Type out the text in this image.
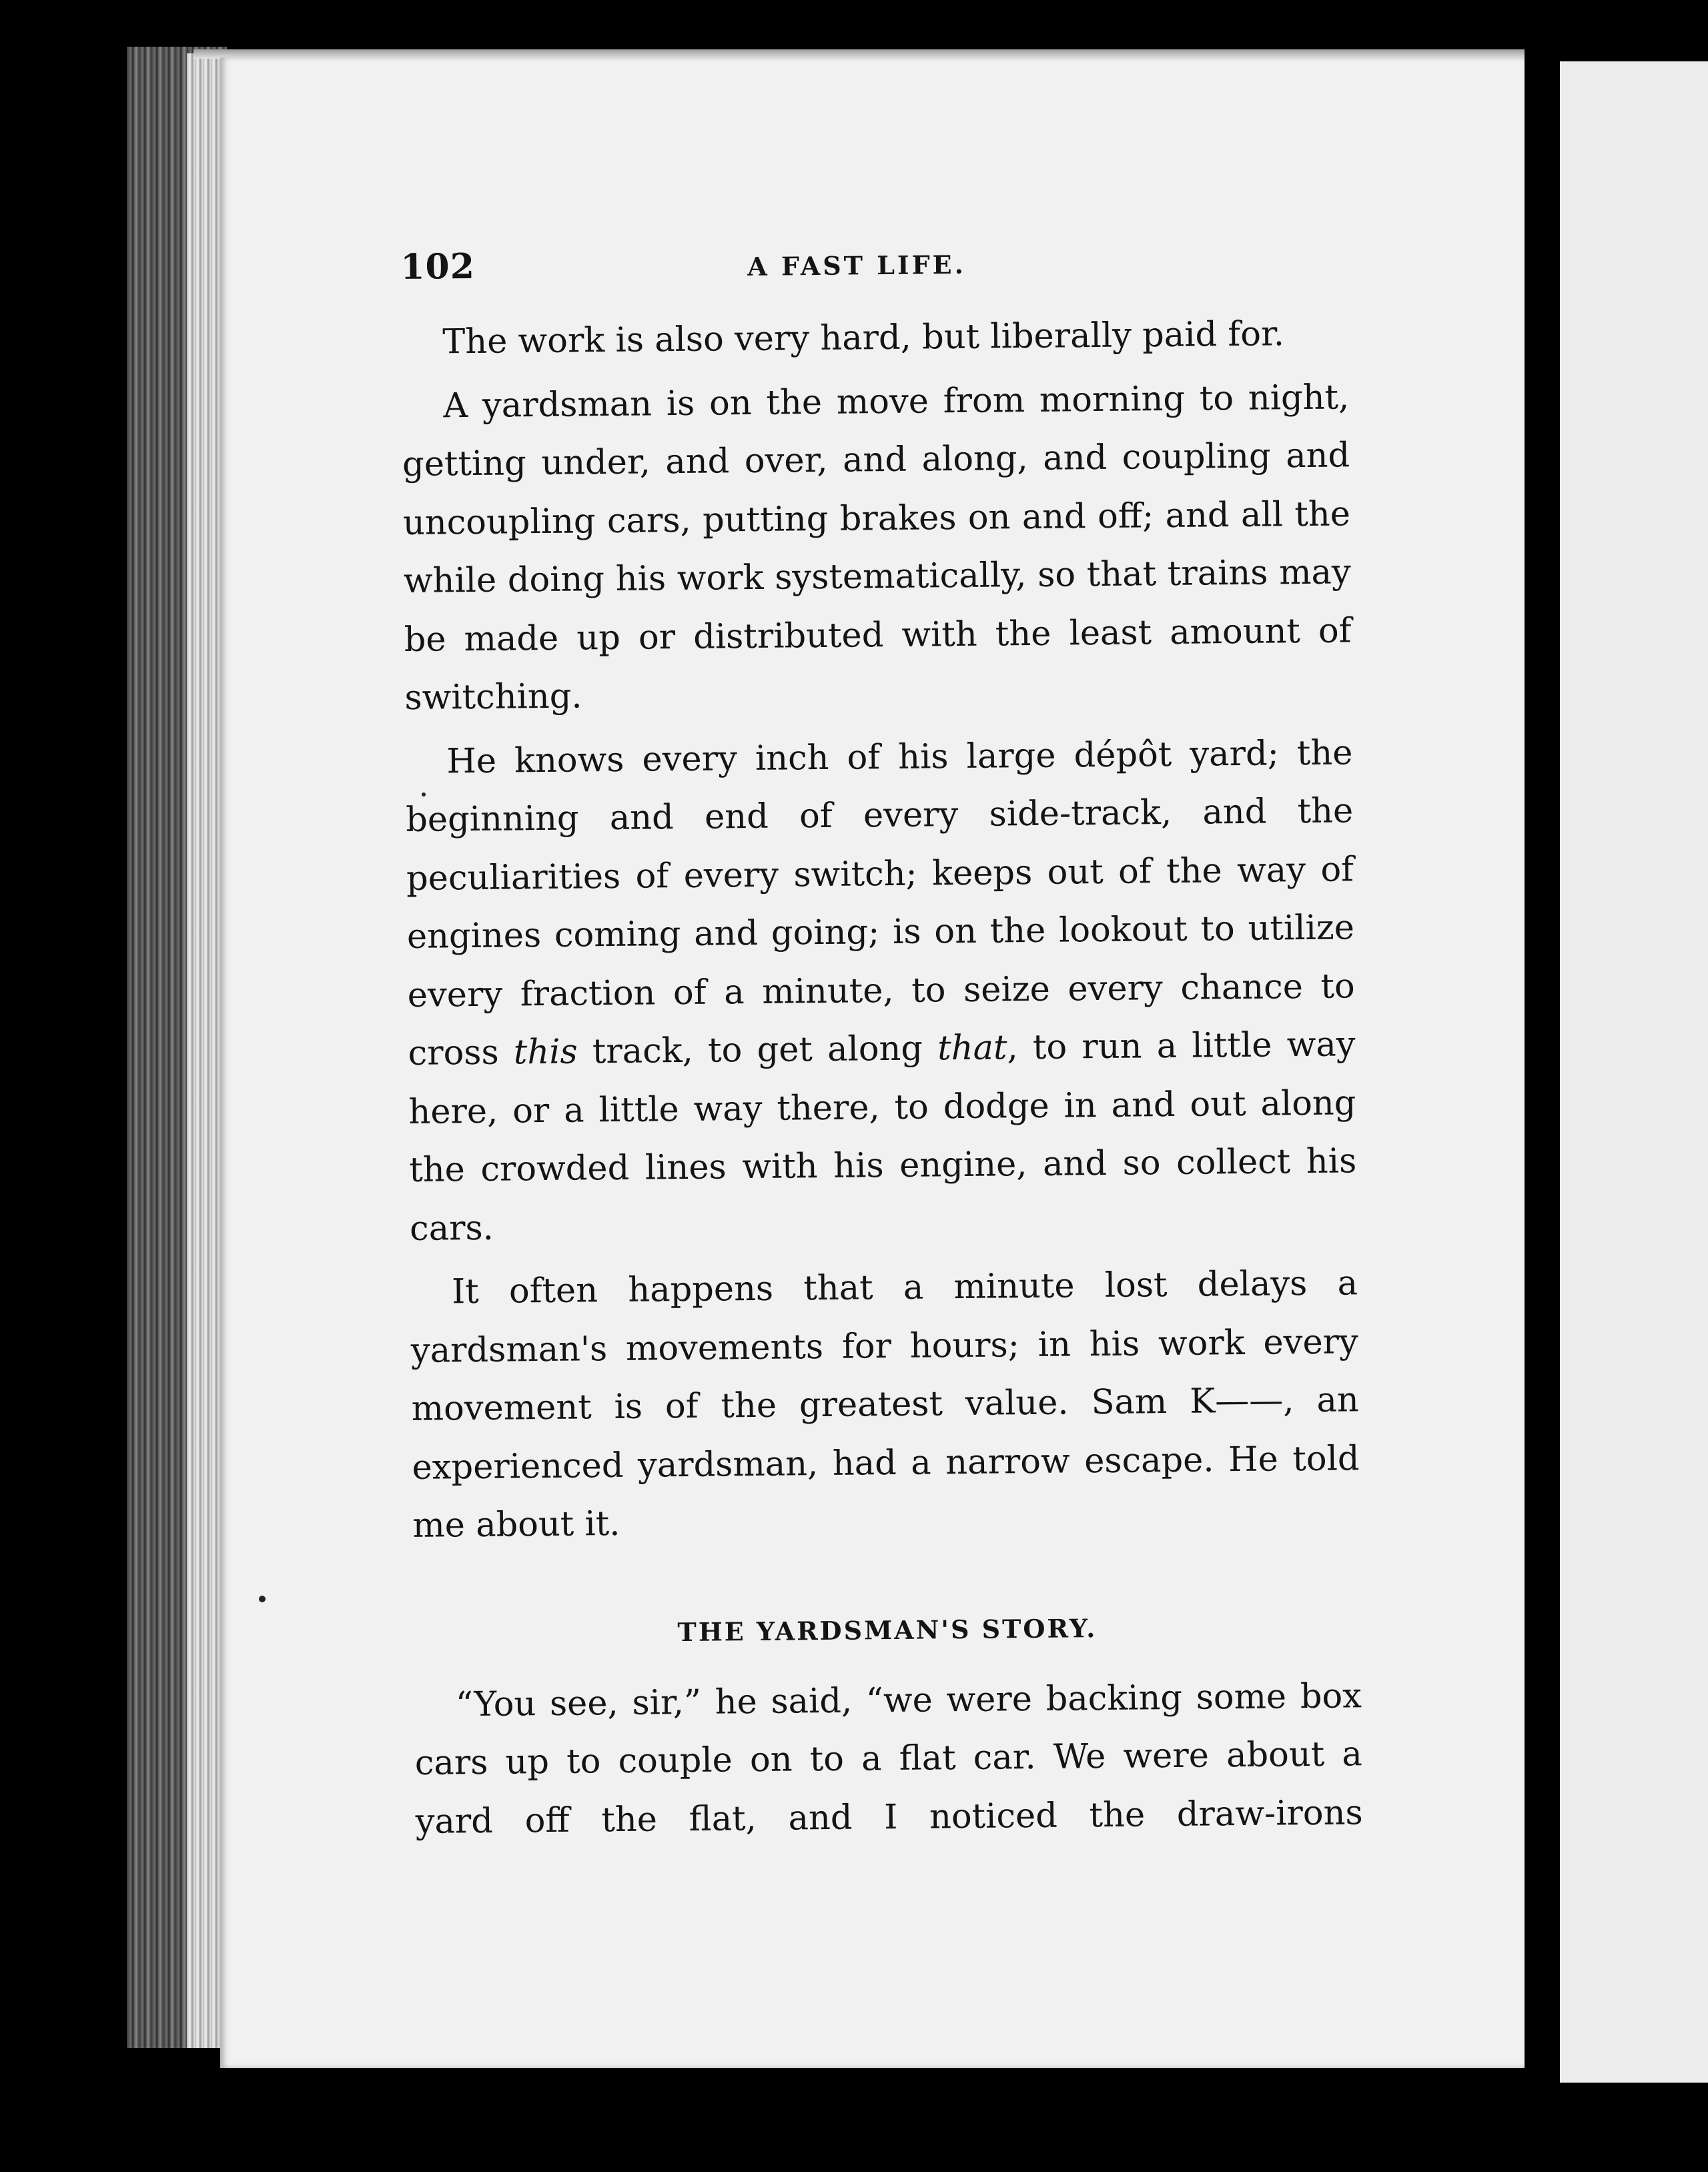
102	A FAST LIFE.

The work is also very hard, but liberally paid for.

A yardsman is on the move from morning to night, getting under, and over, and along, and coupling and uncoupling cars, putting brakes on and off; and all the while doing his work systematically, so that trains may be made up or distributed with the least amount of switching.

He knows every inch of his large dépôt yard; the beginning and end of every side-track, and the peculiarities of every switch; keeps out of the way of engines coming and going; is on the lookout to utilize every fraction of a minute, to seize every chance to cross this track, to get along that, to run a little way here, or a little way there, to dodge in and out along the crowded lines with his engine, and so collect his cars.

It often happens that a minute lost delays a yardsman's movements for hours; in his work every movement is of the greatest value. Sam K——, an experienced yardsman, had a narrow escape. He told me about it.

THE YARDSMAN'S STORY.

“You see, sir,” he said, “we were backing some box cars up to couple on to a flat car. We were about a yard off the flat, and I noticed the draw-irons
